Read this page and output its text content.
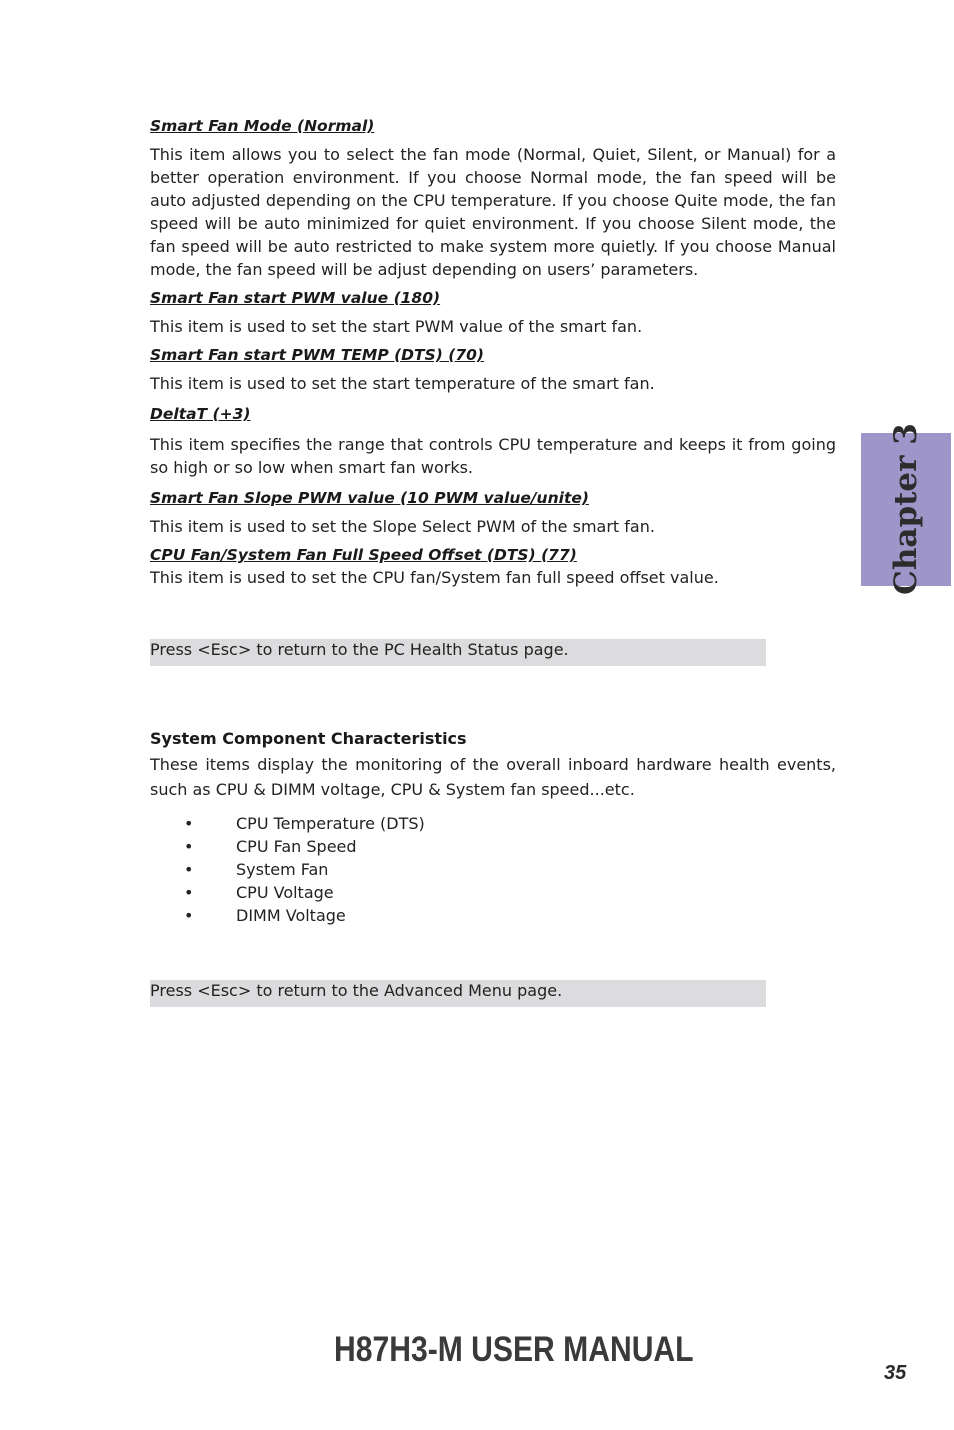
Smart Fan Mode (Normal)

This item allows you to select the fan mode (Normal, Quiet, Silent, or Manual) for a better operation environment. If you choose Normal mode, the fan speed will be auto adjusted depending on the CPU temperature. If you choose Quite mode, the fan speed will be auto minimized for quiet environment. If you choose Silent mode, the fan speed will be auto restricted to make system more quietly. If you choose Manual mode, the fan speed will be adjust depending on users’ parameters.

Smart Fan start PWM value (180)

This item is used to set the start PWM value of the smart fan.

Smart Fan start PWM TEMP (DTS) (70)

This item is used to set the start temperature of the smart fan.

DeltaT (+3)

This item specifies the range that controls CPU temperature and keeps it from going so high or so low when smart fan works.

Smart Fan Slope PWM value (10 PWM value/unite)

This item is used to set the Slope Select PWM of the smart fan.

CPU Fan/System Fan Full Speed Offset (DTS) (77)

This item is used to set the CPU fan/System fan full speed offset value.

Press <Esc> to return to the PC Health Status page.
System Component Characteristics

These items display the monitoring of the overall inboard hardware health events, such as CPU & DIMM voltage, CPU & System fan speed...etc.

•	CPU Temperature (DTS)
•	CPU Fan Speed
•	System Fan
•	CPU Voltage
•	DIMM Voltage
Press <Esc> to return to the Advanced Menu page.
Chapter 3
H87H3-M USER MANUAL
35
